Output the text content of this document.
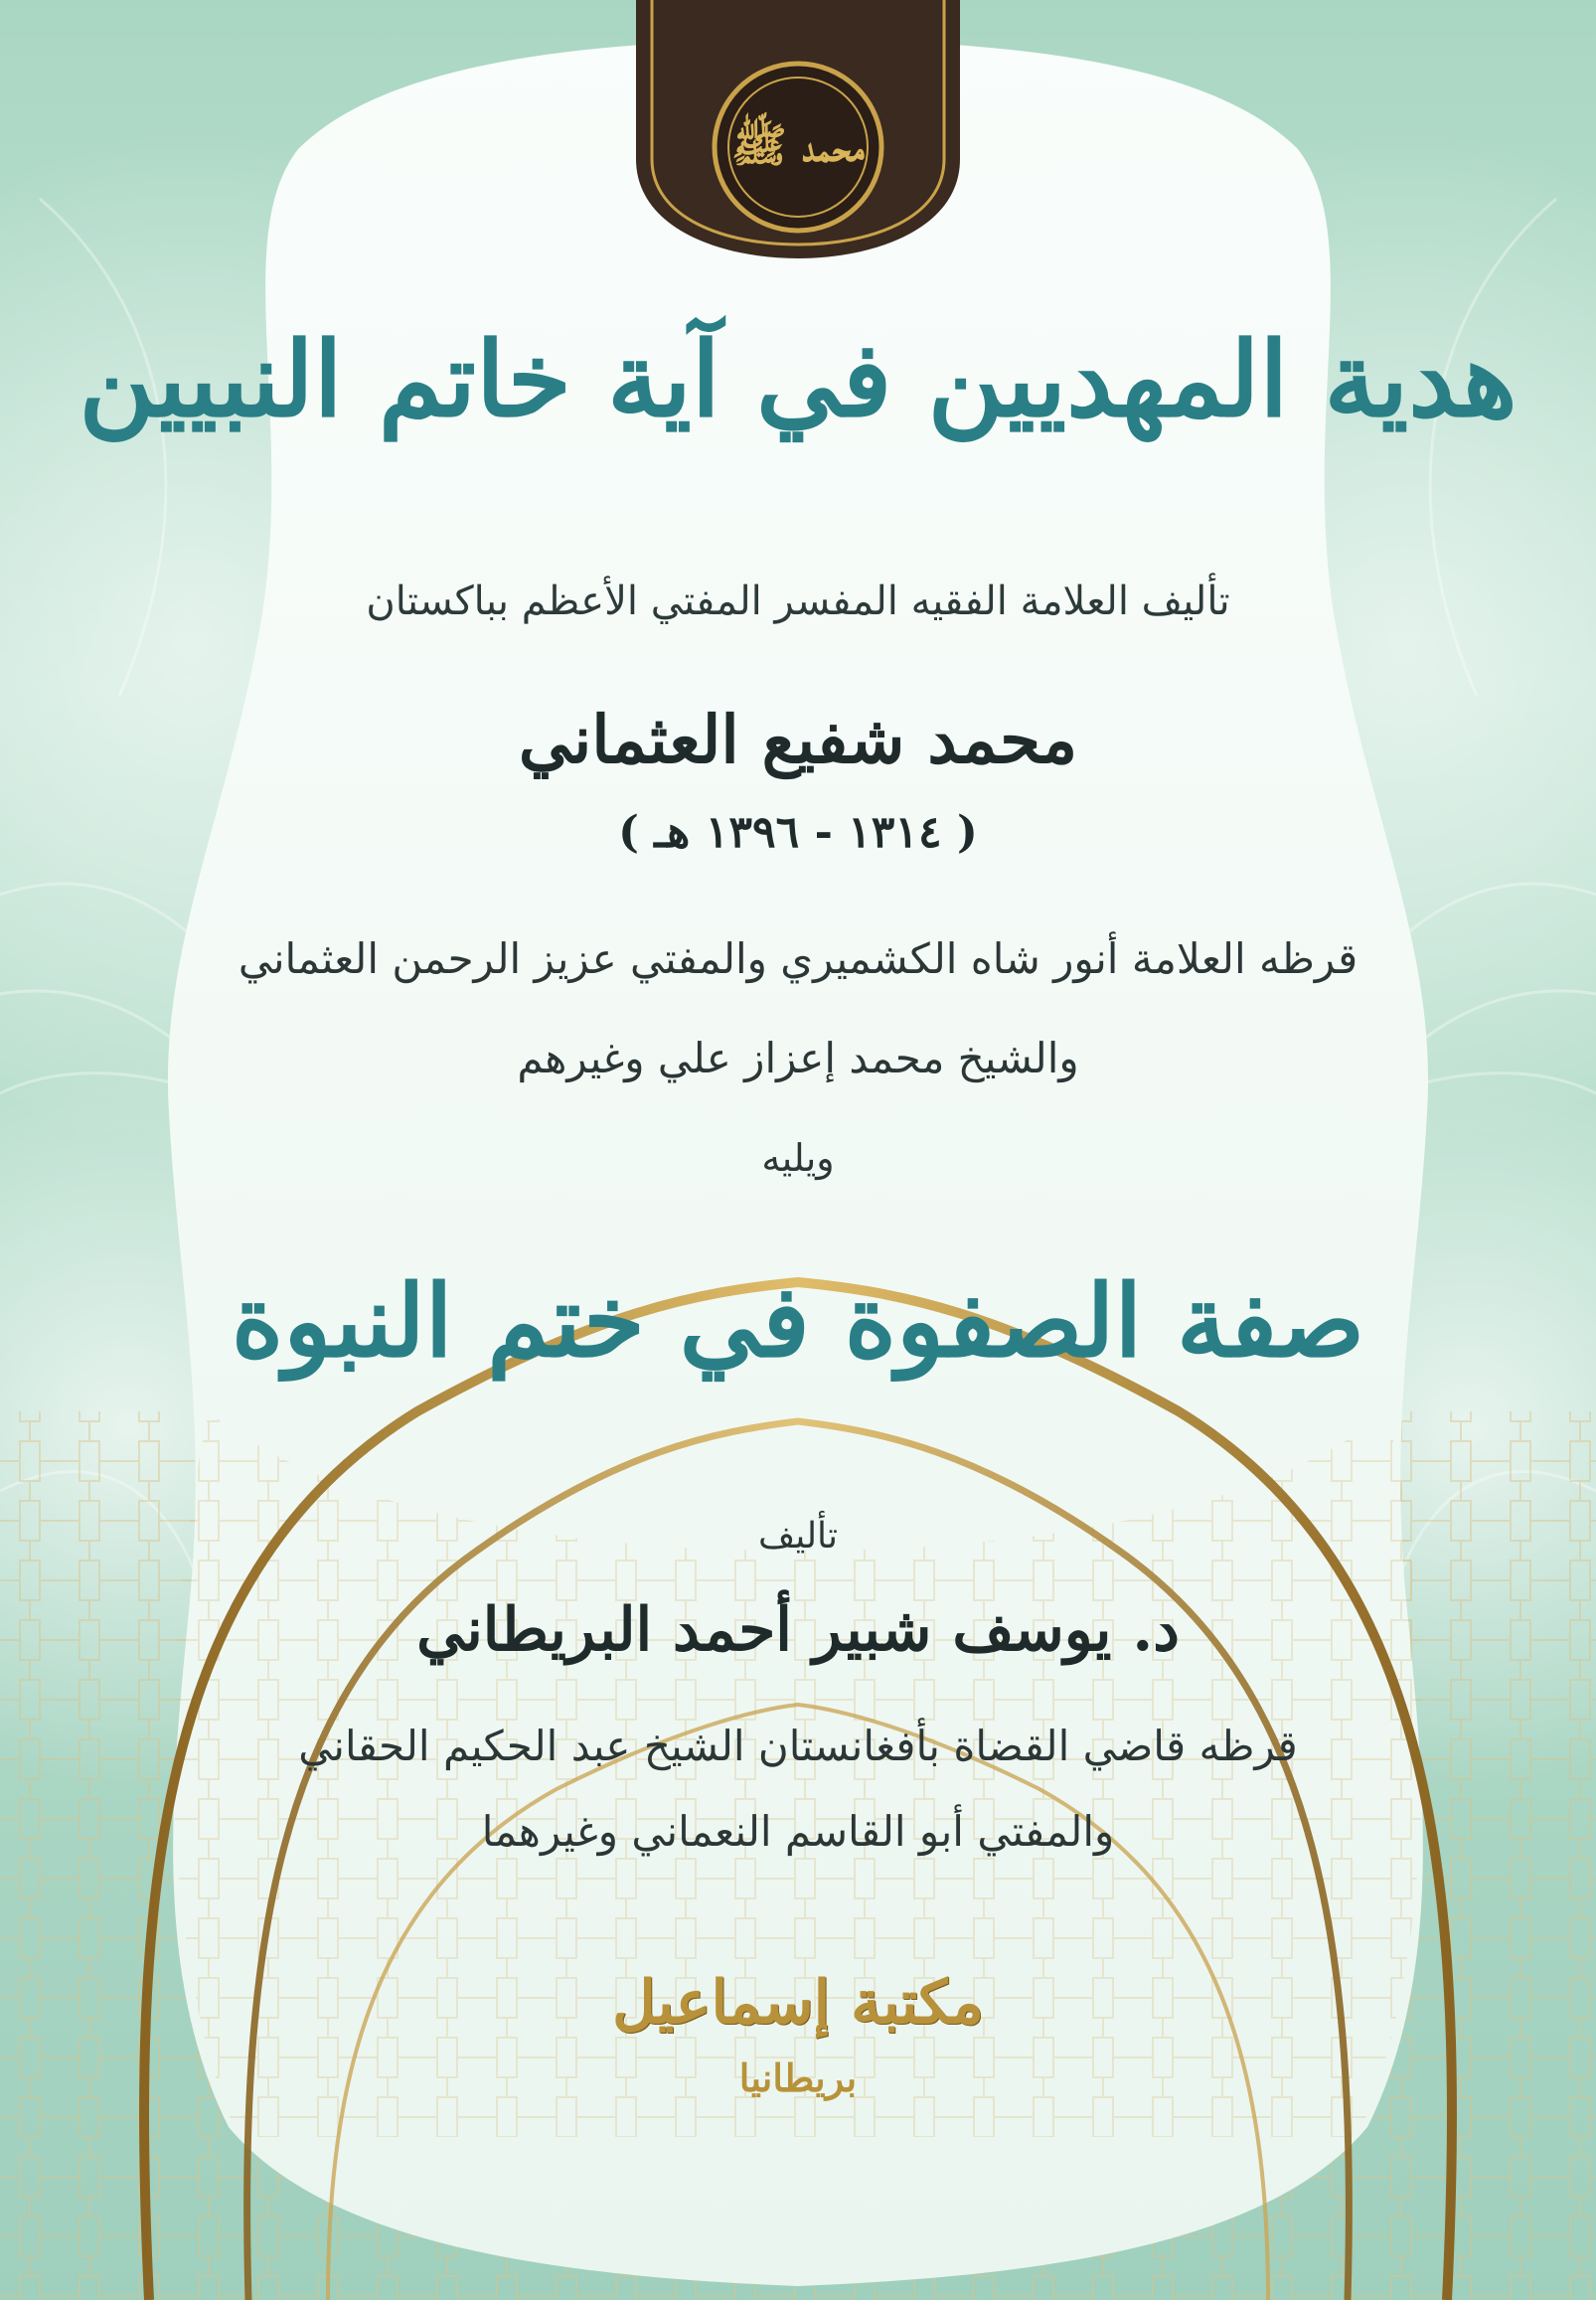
محمد ﷺ
هدية المهديين في آية خاتم النبيين
تأليف العلامة الفقيه المفسر المفتي الأعظم بباكستان
محمد شفيع العثماني
( ١٣١٤ - ١٣٩٦ هـ )
قرظه العلامة أنور شاه الكشميري والمفتي عزيز الرحمن العثماني
والشيخ محمد إعزاز علي وغيرهم
ويليه
صفة الصفوة في ختم النبوة
تأليف
د. يوسف شبير أحمد البريطاني
قرظه قاضي القضاة بأفغانستان الشيخ عبد الحكيم الحقاني
والمفتي أبو القاسم النعماني وغيرهما
مكتبة إسماعيل
بريطانيا
